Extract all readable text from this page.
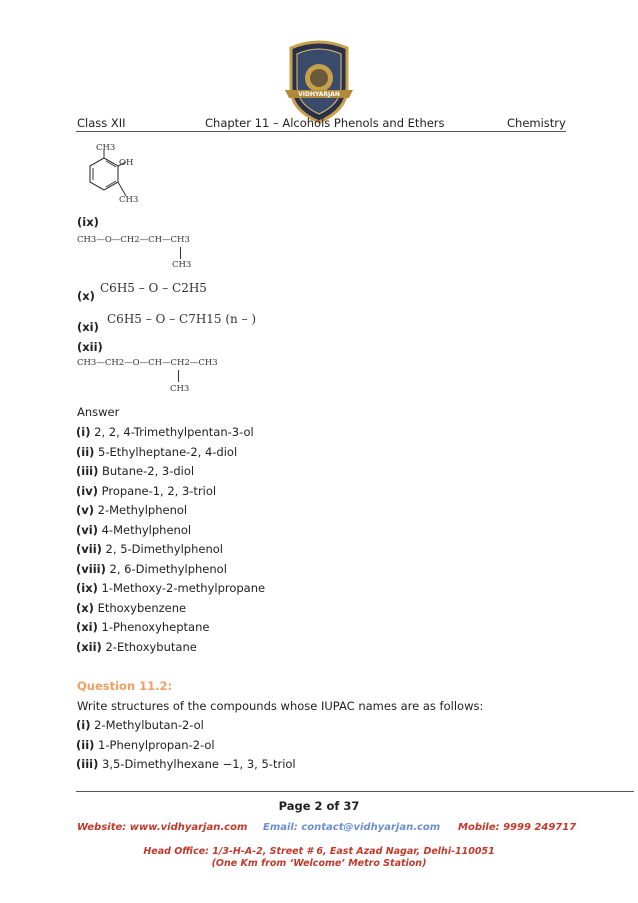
VIDHYARJAN
Class XII	Chapter 11 – Alcohols Phenols and Ethers	Chemistry
CH3
OH
CH3
(ix)
CH3—O—CH2—CH—CH3
CH3
(x)
C6H5 – O – C2H5
(xi)
C6H5 – O – C7H15 (n – )
(xii)
CH3—CH2—O—CH—CH2—CH3
CH3
Answer
(i) 2, 2, 4-Trimethylpentan-3-ol
(ii) 5-Ethylheptane-2, 4-diol
(iii) Butane-2, 3-diol
(iv) Propane-1, 2, 3-triol
(v) 2-Methylphenol
(vi) 4-Methylphenol
(vii) 2, 5-Dimethylphenol
(viii) 2, 6-Dimethylphenol
(ix) 1-Methoxy-2-methylpropane
(x) Ethoxybenzene
(xi) 1-Phenoxyheptane
(xii) 2-Ethoxybutane
Question 11.2:
Write structures of the compounds whose IUPAC names are as follows:
(i) 2-Methylbutan-2-ol
(ii) 1-Phenylpropan-2-ol
(iii) 3,5-Dimethylhexane −1, 3, 5-triol
Page 2 of 37
Website: www.vidhyarjan.com Email: contact@vidhyarjan.com Mobile: 9999 249717
Head Office: 1/3-H-A-2, Street # 6, East Azad Nagar, Delhi-110051
(One Km from ‘Welcome’ Metro Station)
